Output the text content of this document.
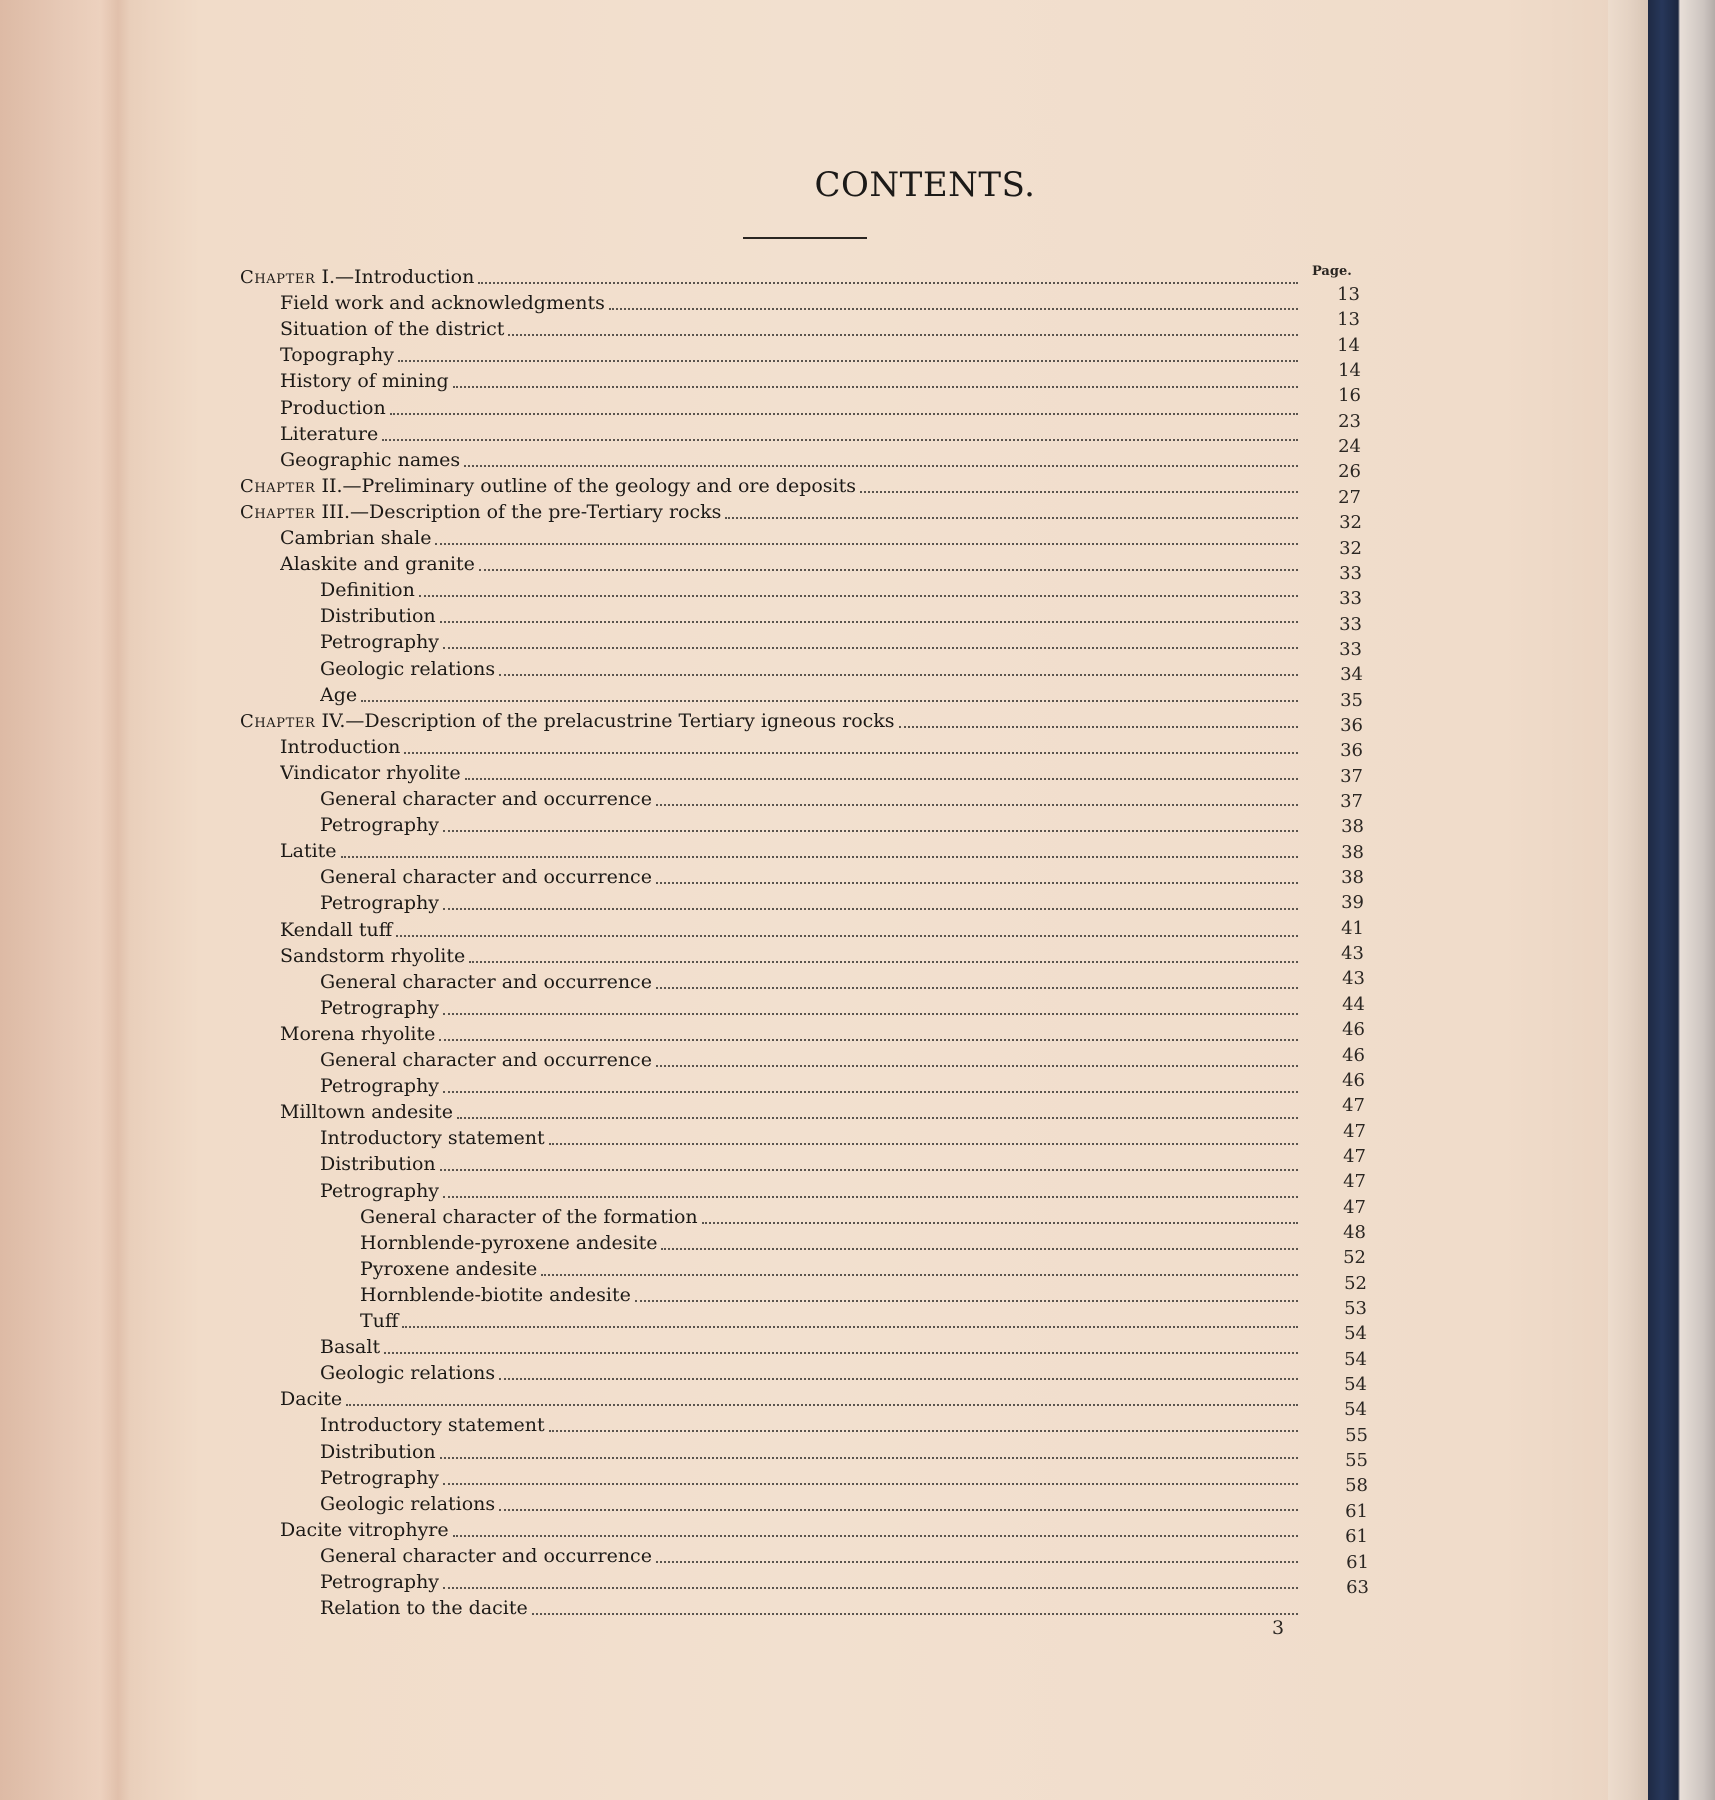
CONTENTS.
Page.
Chapter I.—Introduction
Field work and acknowledgments
Situation of the district
Topography
History of mining
Production
Literature
Geographic names
Chapter II.—Preliminary outline of the geology and ore deposits
Chapter III.—Description of the pre-Tertiary rocks
Cambrian shale
Alaskite and granite
Definition
Distribution
Petrography
Geologic relations
Age
Chapter IV.—Description of the prelacustrine Tertiary igneous rocks
Introduction
Vindicator rhyolite
General character and occurrence
Petrography
Latite
General character and occurrence
Petrography
Kendall tuff
Sandstorm rhyolite
General character and occurrence
Petrography
Morena rhyolite
General character and occurrence
Petrography
Milltown andesite
Introductory statement
Distribution
Petrography
General character of the formation
Hornblende-pyroxene andesite
Pyroxene andesite
Hornblende-biotite andesite
Tuff
Basalt
Geologic relations
Dacite
Introductory statement
Distribution
Petrography
Geologic relations
Dacite vitrophyre
General character and occurrence
Petrography
Relation to the dacite
13
13
14
14
16
23
24
26
27
32
32
33
33
33
33
34
35
36
36
37
37
38
38
38
39
41
43
43
44
46
46
46
47
47
47
47
47
48
52
52
53
54
54
54
54
55
55
58
61
61
61
63
3
